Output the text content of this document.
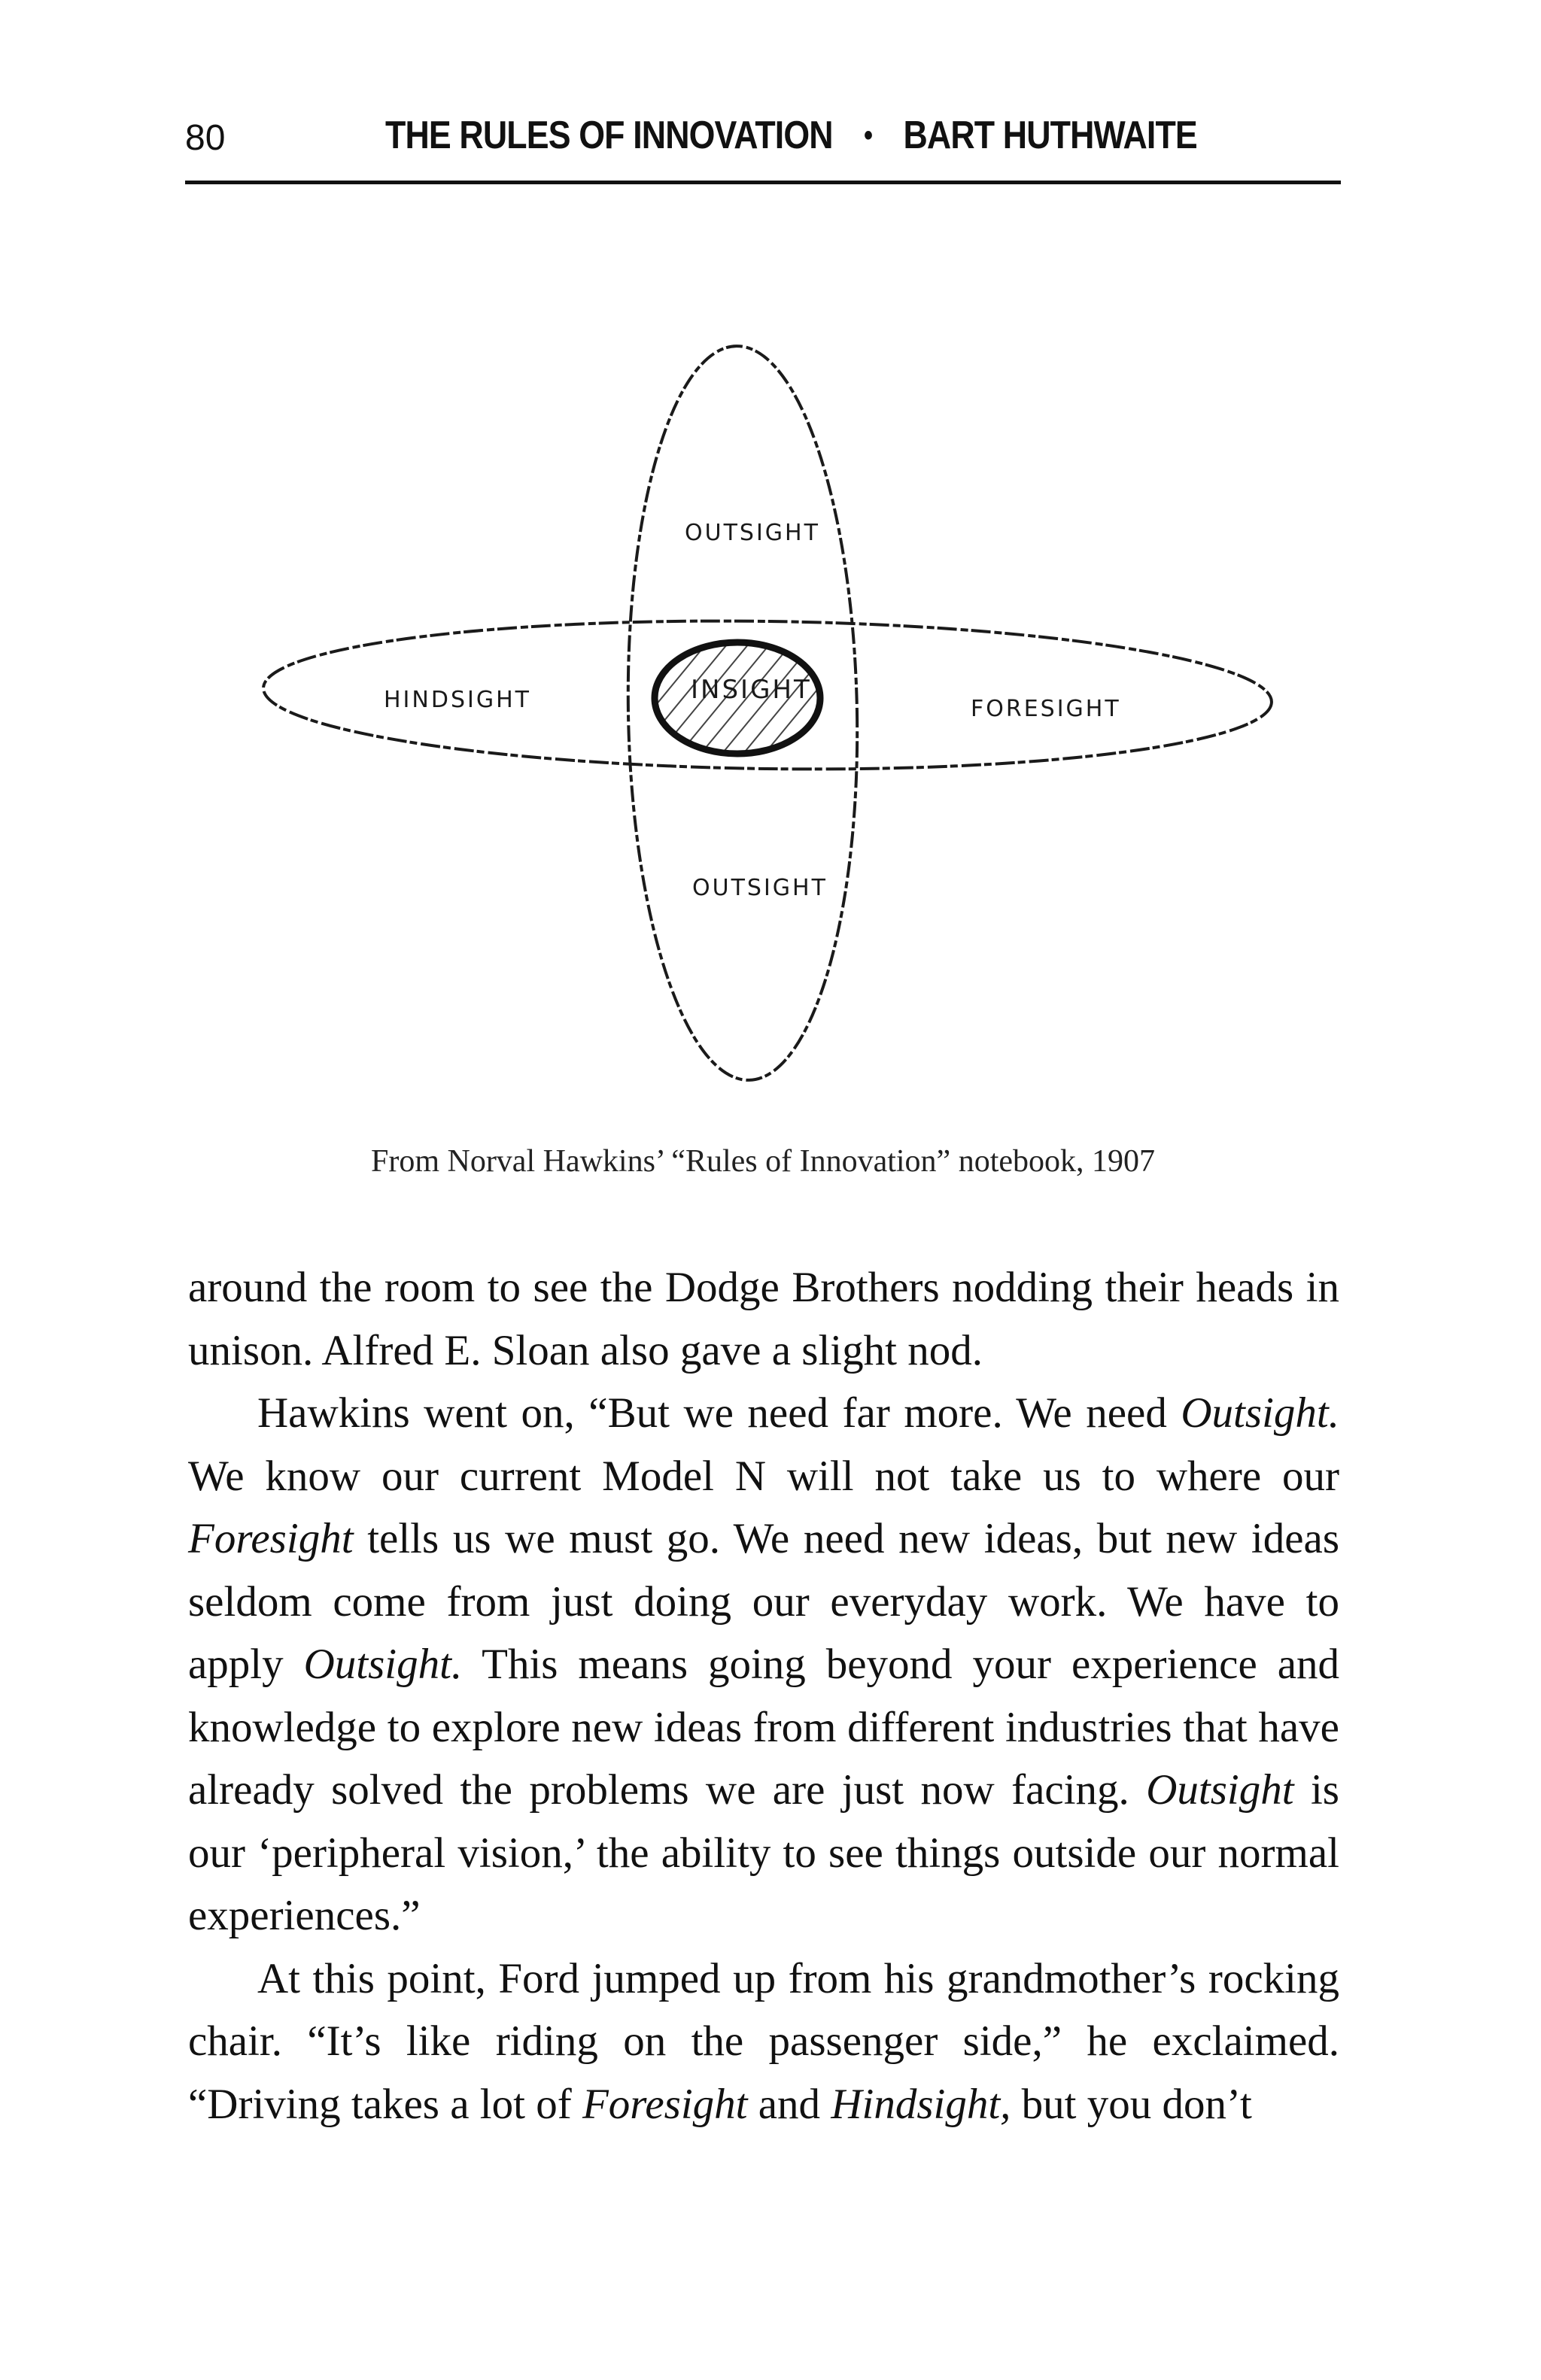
80	THE RULES OF INNOVATION • BART HUTHWAITE
OUTSIGHT
OUTSIGHT
HINDSIGHT	FORESIGHT
INSIGHT
From Norval Hawkins’ “Rules of Innovation” notebook, 1907

around the room to see the Dodge Brothers nodding their heads in unison. Alfred E. Sloan also gave a slight nod.

Hawkins went on, “But we need far more. We need Outsight. We know our current Model N will not take us to where our Foresight tells us we must go. We need new ideas, but new ideas seldom come from just doing our everyday work. We have to apply Outsight. This means going beyond your experience and knowledge to explore new ideas from different industries that have already solved the problems we are just now facing. Outsight is our ‘peripheral vision,’ the ability to see things outside our normal experiences.”

At this point, Ford jumped up from his grandmother’s rocking chair. “It’s like riding on the passenger side,” he exclaimed. “Driving takes a lot of Foresight and Hindsight, but you don’t
